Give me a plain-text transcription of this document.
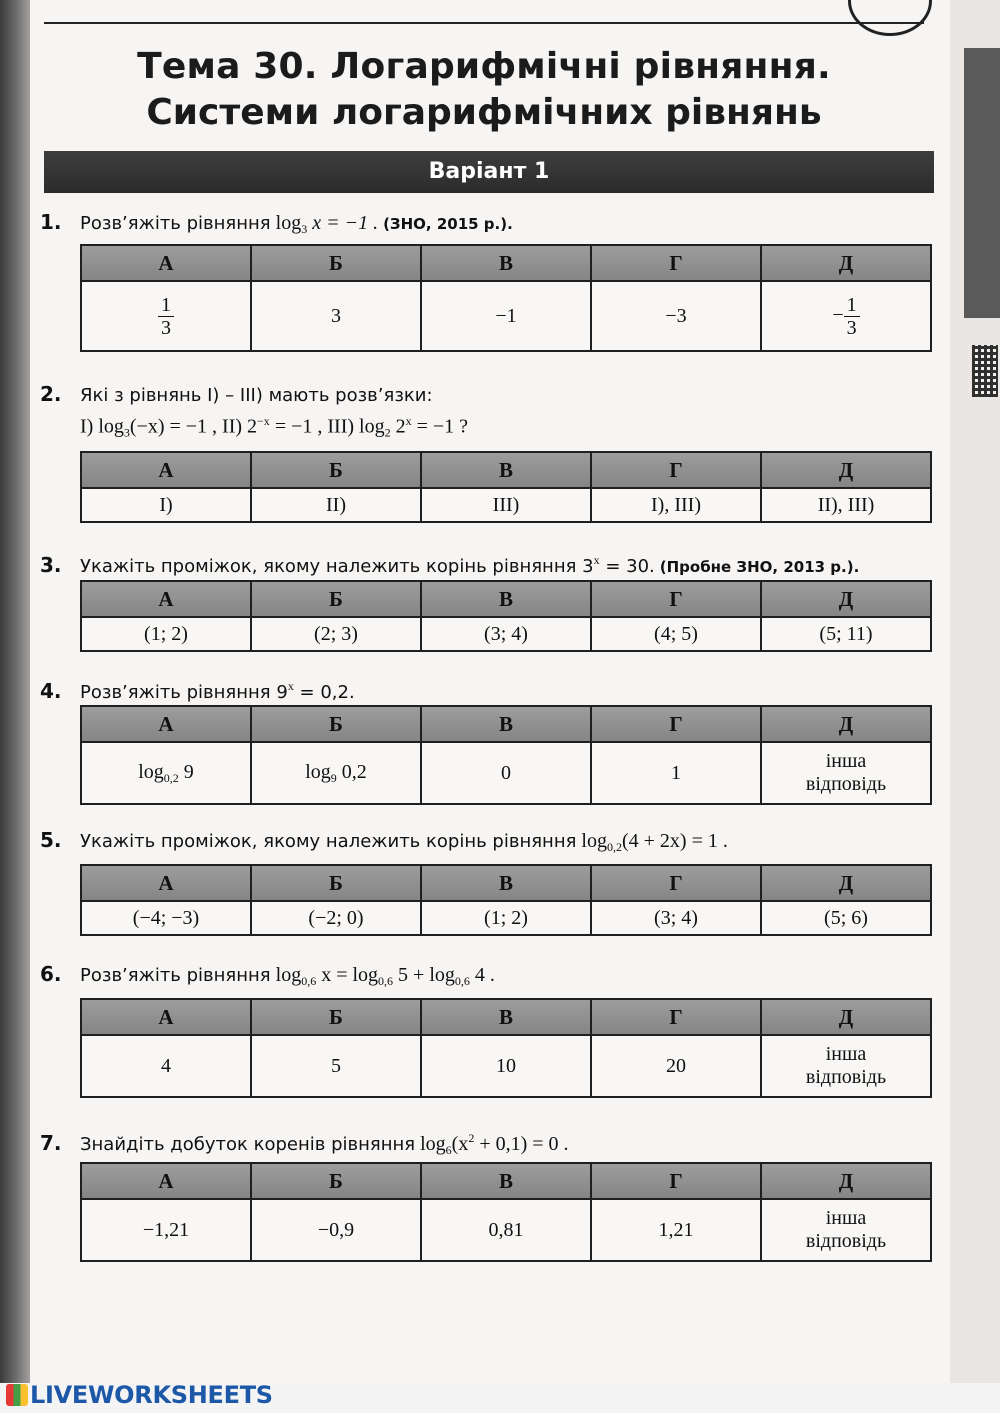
Тема 30. Логарифмічні рівняння.
Системи логарифмічних рівнянь
Варіант 1
1. Розв’яжіть рівняння $\log_3 x = -1$ . (ЗНО, 2015 р.).
А	Б	В	Г	Д

$\frac{1}{3}$	3	−1	−3	− $\frac{1}{3}$
2. Які з рівнянь I) – III) мають розв’язки:
I) $\log_3(-x) = -1$ , II) $2^{-x} = -1$ , III) $\log_2 2^x = -1$ ?
А	Б	В	Г	Д
I)	II)	III)	I), III)	II), III)
3. Укажіть проміжок, якому належить корінь рівняння $3^x = 30$. (Пробне ЗНО, 2013 р.).
А	Б	В	Г	Д
(1; 2)	(2; 3)	(3; 4)	(4; 5)	(5; 11)
4. Розв’яжіть рівняння $9^x = 0,2$.
А	Б	В	Г	Д
$\log_{0,2} 9$	$\log_9 0,2$	0	1	інша
відповідь
5. Укажіть проміжок, якому належить корінь рівняння $\log_{0,2}(4 + 2x) = 1$ .
А	Б	В	Г	Д
(−4; −3)	(−2; 0)	(1; 2)	(3; 4)	(5; 6)
6. Розв’яжіть рівняння $\log_{0,6} x = \log_{0,6} 5 + \log_{0,6} 4$ .
А	Б	В	Г	Д
4	5	10	20	інша
відповідь
7. Знайдіть добуток коренів рівняння $\log_6(x^2 + 0,1) = 0$ .
А	Б	В	Г	Д
−1,21	−0,9	0,81	1,21	інша
відповідь
LIVEWORKSHEETS
